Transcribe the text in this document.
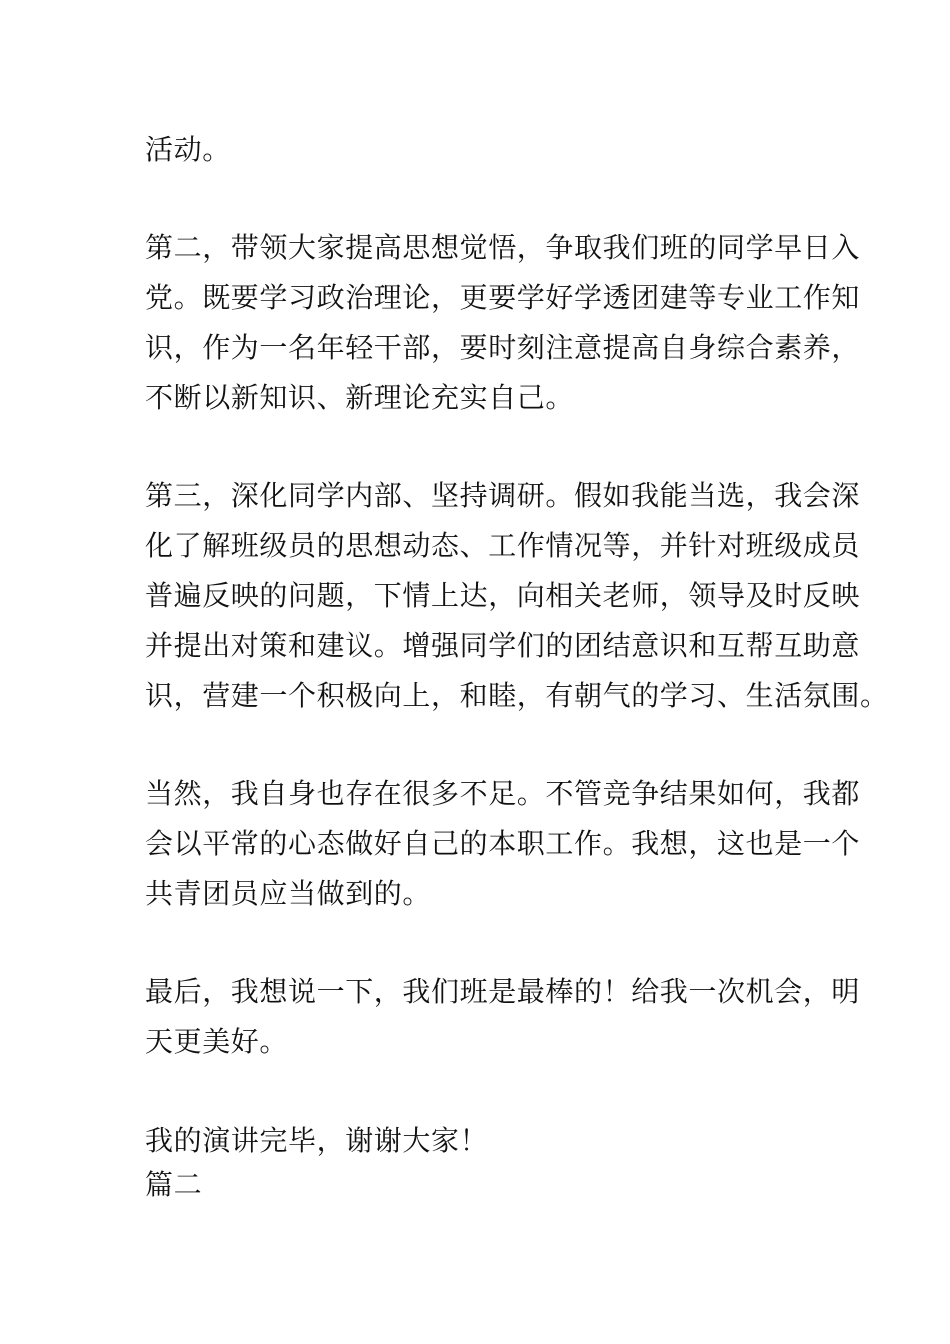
活动。
第二，带领大家提高思想觉悟，争取我们班的同学早日入
党。既要学习政治理论，更要学好学透团建等专业工作知
识，作为一名年轻干部，要时刻注意提高自身综合素养，
不断以新知识、新理论充实自己。
第三，深化同学内部、坚持调研。假如我能当选，我会深
化了解班级员的思想动态、工作情况等，并针对班级成员
普遍反映的问题，下情上达，向相关老师，领导及时反映
并提出对策和建议。增强同学们的团结意识和互帮互助意
识，营建一个积极向上，和睦，有朝气的学习、生活氛围。
当然，我自身也存在很多不足。不管竞争结果如何，我都
会以平常的心态做好自己的本职工作。我想，这也是一个
共青团员应当做到的。
最后，我想说一下，我们班是最棒的！给我一次机会，明
天更美好。
我的演讲完毕，谢谢大家！
篇二
